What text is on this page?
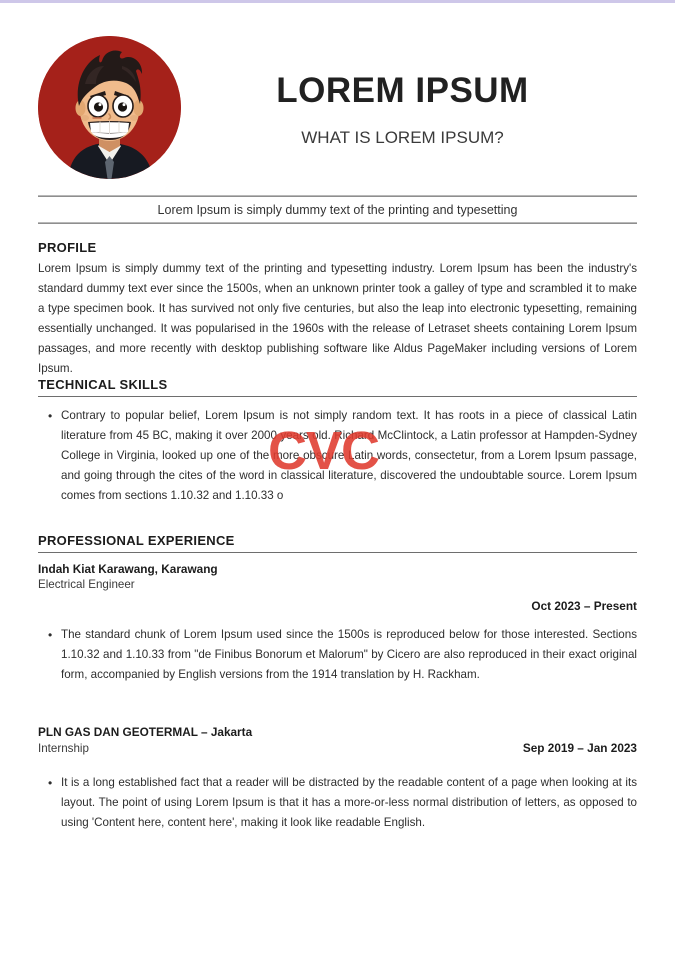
LOREM IPSUM

WHAT IS LOREM IPSUM?

Lorem Ipsum is simply dummy text of the printing and typesetting
PROFILE

Lorem Ipsum is simply dummy text of the printing and typesetting industry. Lorem Ipsum has been the industry's standard dummy text ever since the 1500s, when an unknown printer took a galley of type and scrambled it to make a type specimen book. It has survived not only five centuries, but also the leap into electronic typesetting, remaining essentially unchanged. It was popularised in the 1960s with the release of Letraset sheets containing Lorem Ipsum passages, and more recently with desktop publishing software like Aldus PageMaker including versions of Lorem Ipsum.

TECHNICAL SKILLS
• Contrary to popular belief, Lorem Ipsum is not simply random text. It has roots in a piece of classical Latin literature from 45 BC, making it over 2000 years old. Richard McClintock, a Latin professor at Hampden-Sydney College in Virginia, looked up one of the more obscure Latin words, consectetur, from a Lorem Ipsum passage, and going through the cites of the word in classical literature, discovered the undoubtable source. Lorem Ipsum comes from sections 1.10.32 and 1.10.33 o
PROFESSIONAL EXPERIENCE
Indah Kiat Karawang, Karawang
Electrical Engineer
Oct 2023 – Present
• The standard chunk of Lorem Ipsum used since the 1500s is reproduced below for those interested. Sections 1.10.32 and 1.10.33 from "de Finibus Bonorum et Malorum" by Cicero are also reproduced in their exact original form, accompanied by English versions from the 1914 translation by H. Rackham.
PLN GAS DAN GEOTERMAL – Jakarta
Internship	Sep 2019 – Jan 2023
• It is a long established fact that a reader will be distracted by the readable content of a page when looking at its layout. The point of using Lorem Ipsum is that it has a more-or-less normal distribution of letters, as opposed to using 'Content here, content here', making it look like readable English.
CVC
